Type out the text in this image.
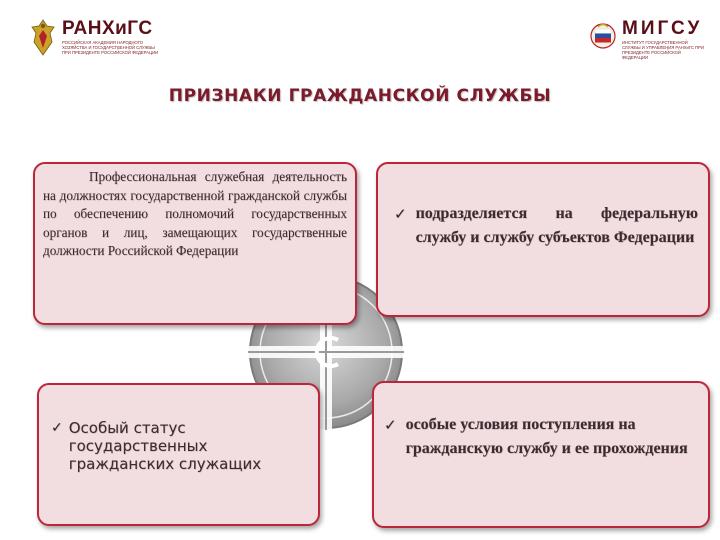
РАНХиГС
РОССИЙСКАЯ АКАДЕМИЯ НАРОДНОГО ХОЗЯЙСТВА И ГОСУДАРСТВЕННОЙ СЛУЖБЫ ПРИ ПРЕЗИДЕНТЕ РОССИЙСКОЙ ФЕДЕРАЦИИ
МИГСУ
ИНСТИТУТ ГОСУДАРСТВЕННОЙ СЛУЖБЫ И УПРАВЛЕНИЯ РАНХиГС ПРИ ПРЕЗИДЕНТЕ РОССИЙСКОЙ ФЕДЕРАЦИИ
ПРИЗНАКИ ГРАЖДАНСКОЙ СЛУЖБЫ

Профессиональная служебная деятельность на должностях государственной гражданской службы по обеспечению полномочий государственных органов и лиц, замещающих государственные должности Российской Федерации

✓ подразделяется на федеральную службу и службу субъектов Федерации
✓ Особый статус государственных гражданских служащих
✓ особые условия поступления на гражданскую службу и ее прохождения
